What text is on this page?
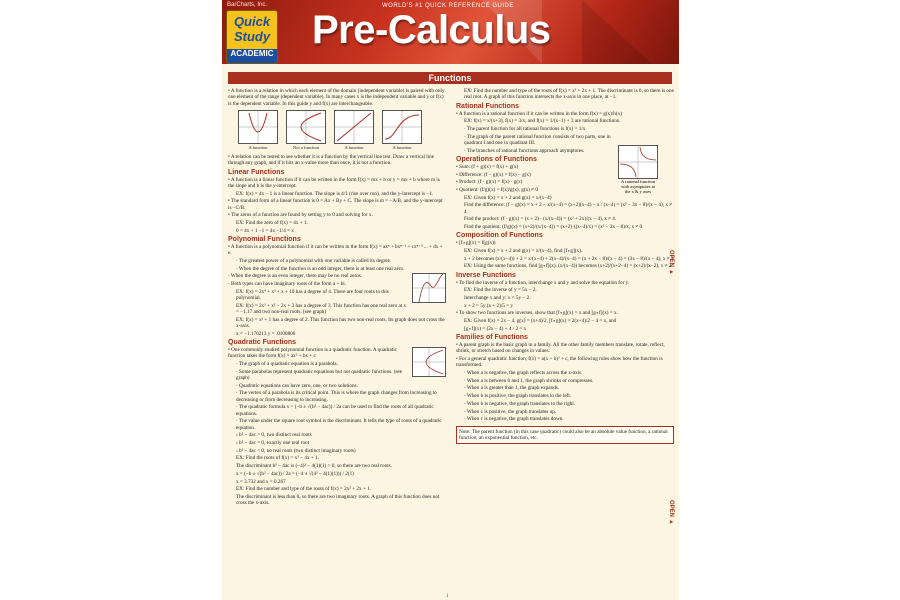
BarCharts, Inc.	WORLD'S #1 QUICK REFERENCE GUIDE
Quick
Study
ACADEMIC
Pre-Calculus
Functions

• A function is a relation in which each element of the domain (independent variable) is paired with only one element of the range (dependent variable). In many cases x is the independent variable and y or f(x) is the dependent variable. In this guide y and f(x) are interchangeable.

A function	Not a function	A function	A function

• A relation can be tested to see whether it is a function by the vertical line test. Draw a vertical line through any graph, and if it hits an x-value more than once, it is not a function.

Linear Functions

• A function is a linear function if it can be written in the form f(x) = mx + b or y = mx + b where m is the slope and b is the y-intercept.

EX: f(x) = 4x − 1 is a linear function. The slope is 4/1 (rise over run), and the y-intercept is −1.

• The standard form of a linear function is 0 = Ax + By + C. The slope is m = −A/B, and the y-intercept is −C/B.

• The zeros of a function are found by setting y to 0 and solving for x.

EX: Find the zero of f(x) = 4x + 1.

0 = 4x + 1 −1 = 4x −1/4 = x

Polynomial Functions

• A function is a polynomial function if it can be written in the form f(x) = axⁿ + bxⁿ⁻¹ + cxⁿ⁻² ... + dx + e.

· The greatest power of a polynomial with one variable is called its degree.

· When the degree of the function is an odd integer, there is at least one real zero.

· When the degree is an even integer, there may be no real zeros.

· Both types can have imaginary roots of the form a + bi.

EX: f(x) = 2x⁴ + x³ + x + 10 has a degree of 4. There are four roots to this polynomial.

EX: f(x) = 2x³ + x² − 2x + 3 has a degree of 3. This function has one real zero at x = −1.17 and two non-real roots. (see graph)

EX: f(x) = x² + 1 has a degree of 2. This function has two non-real roots. Its graph does not cross the x-axis.

x = −1.170213 y = .0100806

Quadratic Functions

• One commonly studied polynomial function is a quadratic function. A quadratic function takes the form f(x) = ax² + bx + c

· The graph of a quadratic equation is a parabola.

· Some parabolas represent quadratic equations but not quadratic functions. (see graph)

· Quadratic equations can have zero, one, or two solutions.

· The vertex of a parabola is its critical point. This is where the graph changes from increasing to decreasing or from decreasing to increasing.

· The quadratic formula x = (−b ± √(b² − 4ac)) / 2a can be used to find the roots of all quadratic equations.

· The value under the square root symbol is the discriminant. It tells the type of roots of a quadratic equation.

› b² − 4ac > 0, two distinct real roots

› b² − 4ac = 0, exactly one real root

› b² − 4ac < 0, no real roots (two distinct imaginary roots)

EX: Find the roots of f(x) = x² − 4x + 1.

The discriminant b² − 4ac is (−4)² − 4(1)(1) > 0, so there are two real roots.

x = (−b ± √(b² − 4ac)) / 2a = (−4 ± √(4² − 4(1)(1))) / 2(1)

x = 3.732 and x = 0.267

EX: Find the number and type of the roots of f(x) = 2x² + 2x + 1.

The discriminant is less than 0, so there are two imaginary roots. A graph of this function does not cross the x-axis.

EX: Find the number and type of the roots of f(x) = x² + 2x + 1. The discriminant is 0, so there is one real root. A graph of this function intersects the x-axis in one place, at −1.

Rational Functions

• A function is a rational function if it can be written in the form f(x) = g(x)/h(x)

EX: f(x) = x/(x+3), f(x) = 3/x, and f(x) = 1/(x−1) + 3 are rational functions.

· The parent function for all rational functions is f(x) = 1/x

· The graph of the parent rational function consists of two parts, one in quadrant I and one in quadrant III.

· The branches of rational functions approach asymptotes.

Operations of Functions

• Sum: (f + g)(x) = f(x) + g(x)

• Difference: (f − g)(x) = f(x) − g(x)

• Product: (f · g)(x) = f(x) · g(x)

• Quotient: (f/g)(x) = f(x)/g(x), g(x) ≠ 0

EX: Given f(x) = x + 2 and g(x) = x/(x−4)

Find the difference: (f − g)(x) = x + 2 − x/(x−4) = (x+2)(x−4) − x / (x−4) = (x² − 3x − 8)/(x − 4), x ≠ 4

Find the product: (f · g)(x) = (x + 2) · (x/(x−4)) = (x² + 2x)/(x − 4), x ≠ 4.

Find the quotient: (f/g)(x) = (x+2)/(x/(x−4)) = (x+2)·((x−4)/x) = (x² − 2x − 8)/x, x ≠ 0

Composition of Functions

• [f∘g](x) = f(g(x))

EX: Given f(x) = x + 2 and g(x) = x/(x−4), find [f∘g](x).

x + 2 becomes (x/(x−4)) + 2 = x/(x−4) + 2(x−4)/(x−4) = (x + 2x − 8)/(x − 4) = (3x − 8)/(x − 4), x ≠ 4

EX: Using the same functions, find [g∘f](x). (x/(x−4)) becomes (x+2)/(x+2−4) = (x+2)/(x−2), x ≠ 2

Inverse Functions

• To find the inverse of a function, interchange x and y and solve the equation for y.

EX: Find the inverse of y = 5x − 2.

Interchange x and y: x = 5y − 2.

x + 2 = 5y (x + 2)/5 = y

• To show two functions are inverses, show that [f∘g](x) = x and [g∘f](x) = x.

EX: Given f(x) = 2x − 4, g(x) = (x+4)/2, [f∘g](x) = 2(x+4)/2 − 4 = x, and

[g∘f](x) = (2x − 4) + 4 / 2 = x

Families of Functions

• A parent graph is the basic graph in a family. All the other family members translate, rotate, reflect, shrink, or stretch based on changes in values.

• For a general quadratic function, f(x) = a(x + b)² + c, the following rules show how the function is transformed.

· When a is negative, the graph reflects across the x-axis.

· When a is between 0 and 1, the graph shrinks or compresses.

· When a is greater than 1, the graph expands.

· When b is positive, the graph translates to the left.

· When b is negative, the graph translates to the right.

· When c is positive, the graph translates up.

· When c is negative, the graph translates down.

Note: The parent function (in this case quadratic) could also be an absolute value function, a rational function, an exponential function, etc.
A rational function with asymptotes at the x & y axes
1
OPEN ▸
OPEN ▸
